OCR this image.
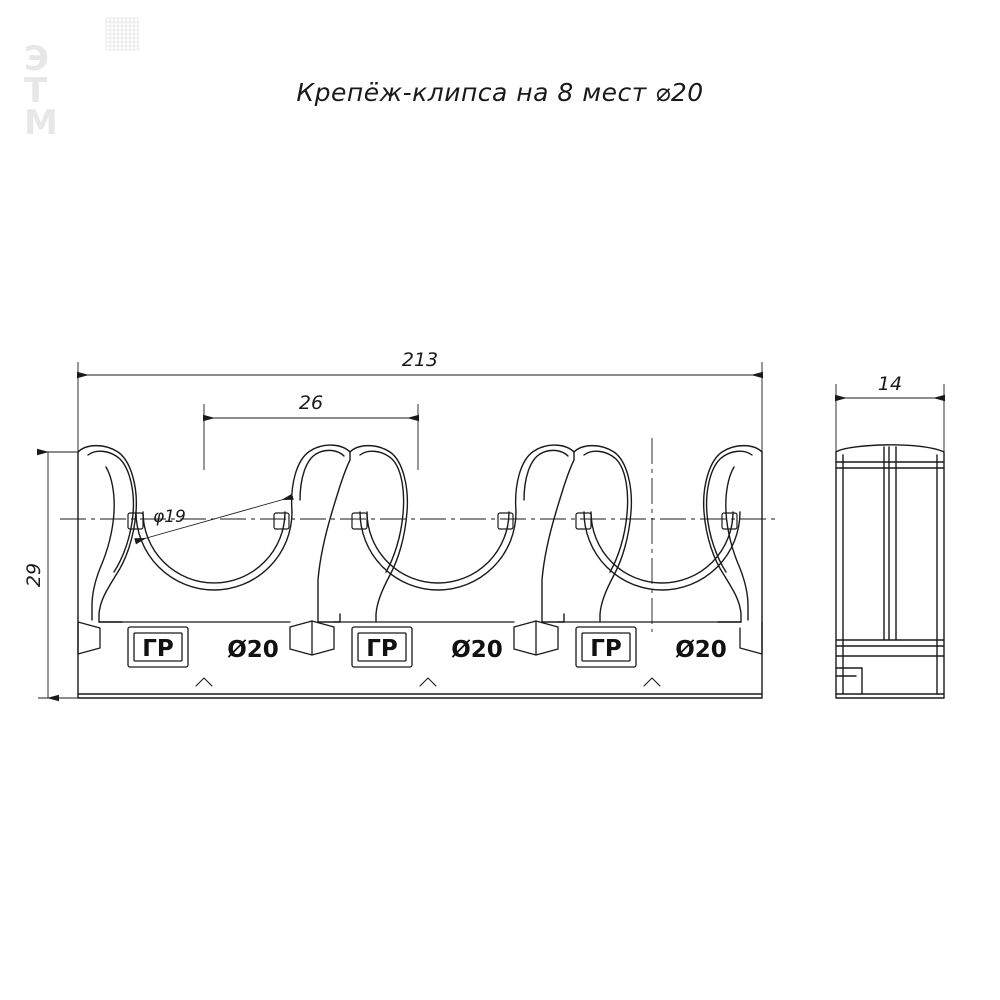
Э
Т
М
Крепёж-клипса на 8 мест ⌀20
213
26
29
φ19
14
Ø20	Ø20	Ø20
ГР	ГР	ГР
